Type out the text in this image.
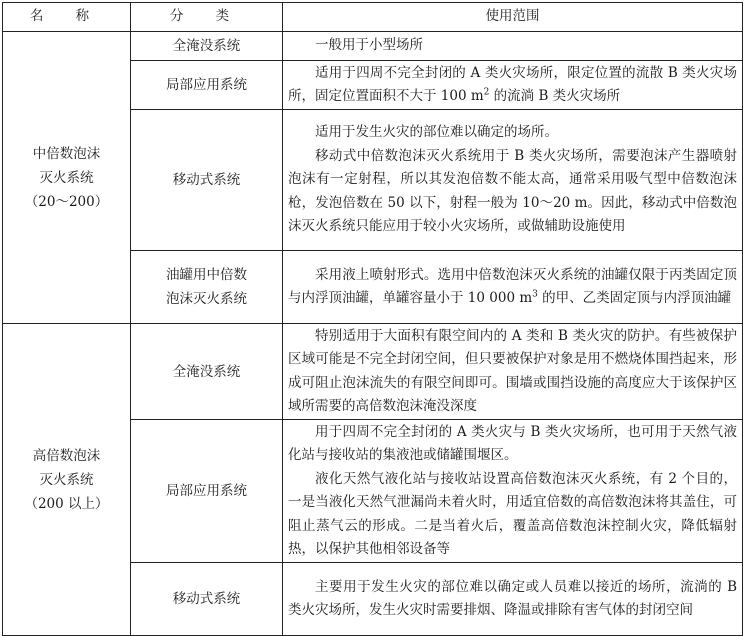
名 称	分 类	使用范围

中倍数泡沫
灭火系统
（20～200）	全淹没系统	一般用于小型场所

	局部应用系统	适用于四周不完全封闭的 A 类火灾场所，限定位置的流散 B 类火灾场所，固定位置面积不大于 100 $m^2$ 的流淌 B 类火灾场所

	移动式系统	适用于发生火灾的部位难以确定的场所。

移动式中倍数泡沫灭火系统用于 B 类火灾场所，需要泡沫产生器喷射泡沫有一定射程，所以其发泡倍数不能太高，通常采用吸气型中倍数泡沫枪，发泡倍数在 50 以下，射程一般为 10～20 m。因此，移动式中倍数泡沫灭火系统只能应用于较小火灾场所，或做辅助设施使用

	油罐用中倍数
泡沫灭火系统	采用液上喷射形式。选用中倍数泡沫灭火系统的油罐仅限于丙类固定顶与内浮顶油罐，单罐容量小于 10 000 $m^3$ 的甲、乙类固定顶与内浮顶油罐

高倍数泡沫
灭火系统
（200 以上）	全淹没系统	特别适用于大面积有限空间内的 A 类和 B 类火灾的防护。有些被保护区域可能是不完全封闭空间，但只要被保护对象是用不燃烧体围挡起来，形成可阻止泡沫流失的有限空间即可。围墙或围挡设施的高度应大于该保护区域所需要的高倍数泡沫淹没深度

	局部应用系统	用于四周不完全封闭的 A 类火灾与 B 类火灾场所，也可用于天然气液化站与接收站的集液池或储罐围堰区。

液化天然气液化站与接收站设置高倍数泡沫灭火系统，有 2 个目的，一是当液化天然气泄漏尚未着火时，用适宜倍数的高倍数泡沫将其盖住，可阻止蒸气云的形成。二是当着火后，覆盖高倍数泡沫控制火灾，降低辐射热，以保护其他相邻设备等

	移动式系统	主要用于发生火灾的部位难以确定或人员难以接近的场所，流淌的 B 类火灾场所，发生火灾时需要排烟、降温或排除有害气体的封闭空间
